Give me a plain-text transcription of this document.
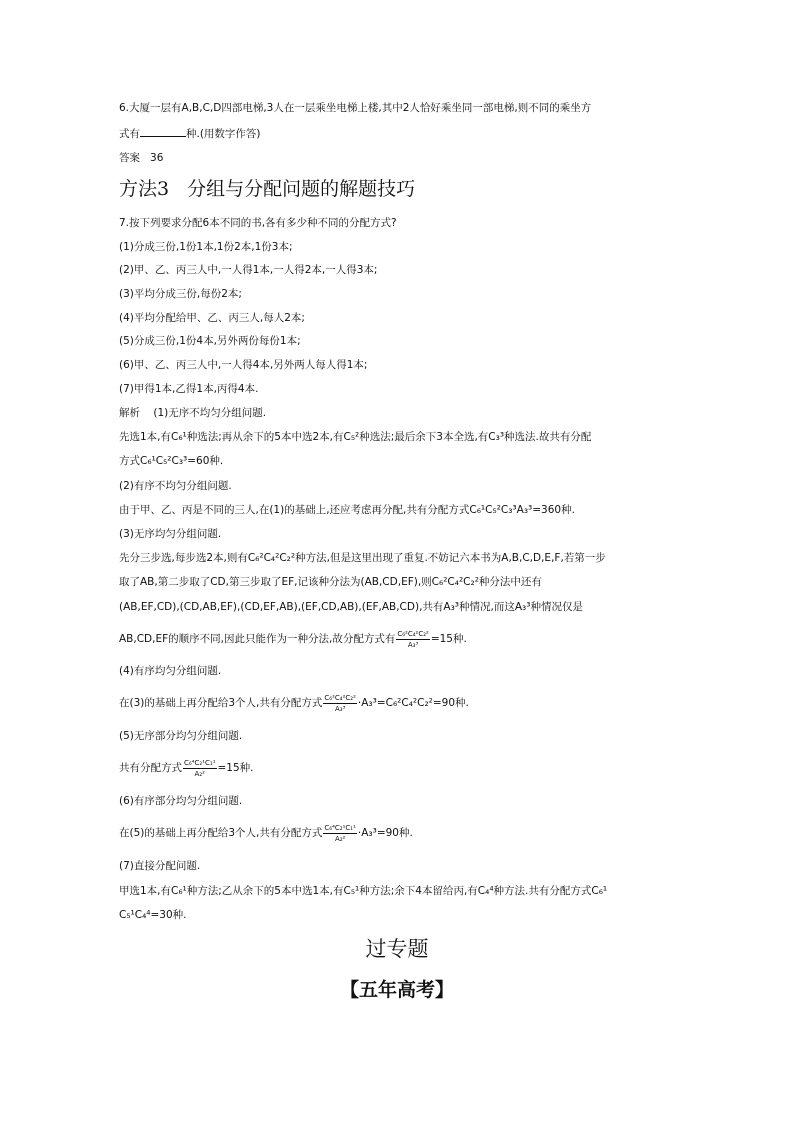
6.大厦一层有A,B,C,D四部电梯,3人在一层乘坐电梯上楼,其中2人恰好乘坐同一部电梯,则不同的乘坐方
式有	种.(用数字作答)
答案 36
方法3 分组与分配问题的解题技巧
7.按下列要求分配6本不同的书,各有多少种不同的分配方式?
(1)分成三份,1份1本,1份2本,1份3本;
(2)甲、乙、丙三人中,一人得1本,一人得2本,一人得3本;
(3)平均分成三份,每份2本;
(4)平均分配给甲、乙、丙三人,每人2本;
(5)分成三份,1份4本,另外两份每份1本;
(6)甲、乙、丙三人中,一人得4本,另外两人每人得1本;
(7)甲得1本,乙得1本,丙得4本.
解析 (1)无序不均匀分组问题.
先选1本,有C₆¹种选法;再从余下的5本中选2本,有C₅²种选法;最后余下3本全选,有C₃³种选法.故共有分配
方式C₆¹C₅²C₃³=60种.
(2)有序不均匀分组问题.
由于甲、乙、丙是不同的三人,在(1)的基础上,还应考虑再分配,共有分配方式C₆¹C₅²C₃³A₃³=360种.
(3)无序均匀分组问题.
先分三步选,每步选2本,则有C₆²C₄²C₂²种方法,但是这里出现了重复.不妨记六本书为A,B,C,D,E,F,若第一步
取了AB,第二步取了CD,第三步取了EF,记该种分法为(AB,CD,EF),则C₆²C₄²C₂²种分法中还有
(AB,EF,CD),(CD,AB,EF),(CD,EF,AB),(EF,CD,AB),(EF,AB,CD),共有A₃³种情况,而这A₃³种情况仅是
AB,CD,EF的顺序不同,因此只能作为一种分法,故分配方式有 $\frac{\text{C₆²C₄²C₂²}}{\text{A₃³}} =15$种.
(4)有序均匀分组问题.
在(3)的基础上再分配给3个人,共有分配方式 $\frac{\text{C₆²C₄²C₂²}}{\text{A₃³}} \cdot A_3^3=C_6^2C_4^2C_2^2=90$种.
(5)无序部分均匀分组问题.
共有分配方式 $\frac{\text{C₆⁴C₂¹C₁¹}}{\text{A₂²}} =15$种.
(6)有序部分均匀分组问题.
在(5)的基础上再分配给3个人,共有分配方式 $\frac{\text{C₆⁴C₂¹C₁¹}}{\text{A₂²}} \cdot A_3^3=90$种.
(7)直接分配问题.
甲选1本,有C₆¹种方法;乙从余下的5本中选1本,有C₅¹种方法;余下4本留给丙,有C₄⁴种方法.共有分配方式C₆¹
C₅¹C₄⁴=30种.
过专题
【五年高考】
